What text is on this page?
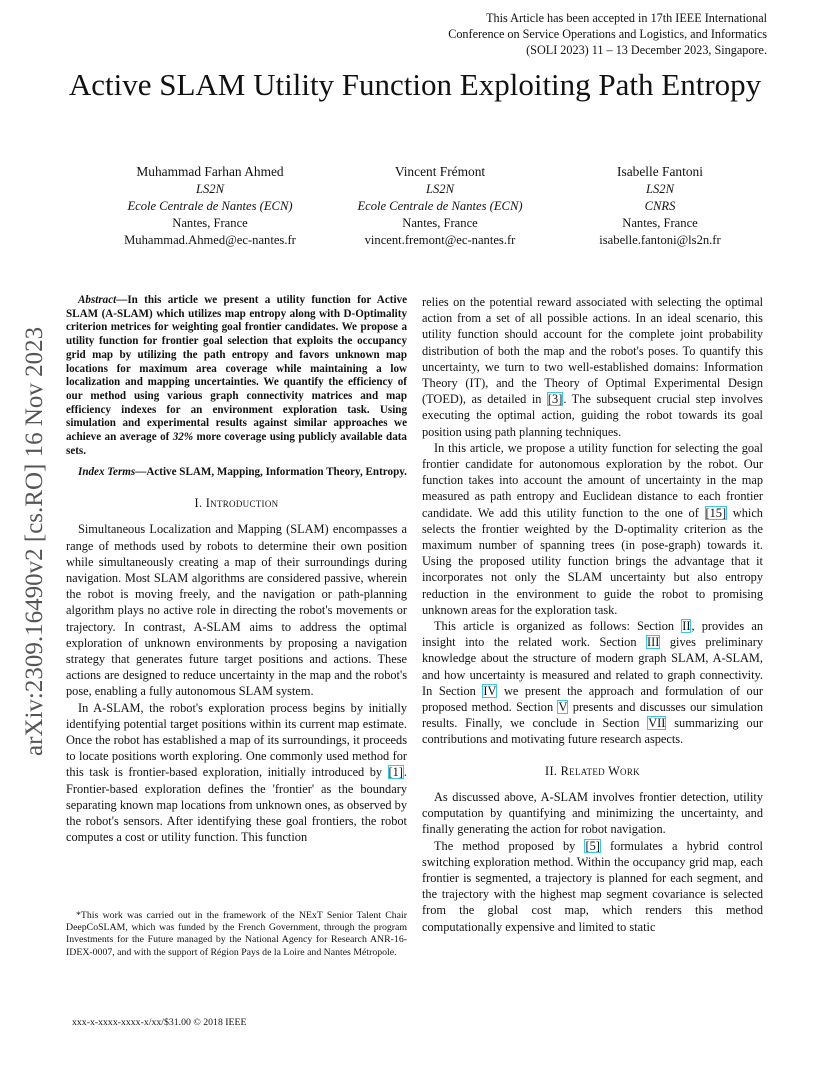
This Article has been accepted in 17th IEEE International
Conference on Service Operations and Logistics, and Informatics
(SOLI 2023) 11 – 13 December 2023, Singapore.
Active SLAM Utility Function Exploiting Path Entropy
Muhammad Farhan Ahmed
LS2N
Ecole Centrale de Nantes (ECN)
Nantes, France
Muhammad.Ahmed@ec-nantes.fr
Vincent Frémont
LS2N
Ecole Centrale de Nantes (ECN)
Nantes, France
vincent.fremont@ec-nantes.fr
Isabelle Fantoni
LS2N
CNRS
Nantes, France
isabelle.fantoni@ls2n.fr
arXiv:2309.16490v2 [cs.RO] 16 Nov 2023

Abstract—In this article we present a utility function for Active SLAM (A-SLAM) which utilizes map entropy along with D-Optimality criterion metrices for weighting goal frontier candidates. We propose a utility function for frontier goal selection that exploits the occupancy grid map by utilizing the path entropy and favors unknown map locations for maximum area coverage while maintaining a low localization and mapping uncertainties. We quantify the efficiency of our method using various graph connectivity matrices and map efficiency indexes for an environment exploration task. Using simulation and experimental results against similar approaches we achieve an average of 32% more coverage using publicly available data sets.

Index Terms—Active SLAM, Mapping, Information Theory, Entropy.

I. Introduction

Simultaneous Localization and Mapping (SLAM) encompasses a range of methods used by robots to determine their own position while simultaneously creating a map of their surroundings during navigation. Most SLAM algorithms are considered passive, wherein the robot is moving freely, and the navigation or path-planning algorithm plays no active role in directing the robot's movements or trajectory. In contrast, A-SLAM aims to address the optimal exploration of unknown environments by proposing a navigation strategy that generates future target positions and actions. These actions are designed to reduce uncertainty in the map and the robot's pose, enabling a fully autonomous SLAM system.

In A-SLAM, the robot's exploration process begins by initially identifying potential target positions within its current map estimate. Once the robot has established a map of its surroundings, it proceeds to locate positions worth exploring. One commonly used method for this task is frontier-based exploration, initially introduced by [1]. Frontier-based exploration defines the 'frontier' as the boundary separating known map locations from unknown ones, as observed by the robot's sensors. After identifying these goal frontiers, the robot computes a cost or utility function. This function

relies on the potential reward associated with selecting the optimal action from a set of all possible actions. In an ideal scenario, this utility function should account for the complete joint probability distribution of both the map and the robot's poses. To quantify this uncertainty, we turn to two well-established domains: Information Theory (IT), and the Theory of Optimal Experimental Design (TOED), as detailed in [3]. The subsequent crucial step involves executing the optimal action, guiding the robot towards its goal position using path planning techniques.

In this article, we propose a utility function for selecting the goal frontier candidate for autonomous exploration by the robot. Our function takes into account the amount of uncertainty in the map measured as path entropy and Euclidean distance to each frontier candidate. We add this utility function to the one of [15] which selects the frontier weighted by the D-optimality criterion as the maximum number of spanning trees (in pose-graph) towards it. Using the proposed utility function brings the advantage that it incorporates not only the SLAM uncertainty but also entropy reduction in the environment to guide the robot to promising unknown areas for the exploration task.

This article is organized as follows: Section II, provides an insight into the related work. Section III gives preliminary knowledge about the structure of modern graph SLAM, A-SLAM, and how uncertainty is measured and related to graph connectivity. In Section IV we present the approach and formulation of our proposed method. Section V presents and discusses our simulation results. Finally, we conclude in Section VII summarizing our contributions and motivating future research aspects.

II. Related Work

As discussed above, A-SLAM involves frontier detection, utility computation by quantifying and minimizing the uncertainty, and finally generating the action for robot navigation.

The method proposed by [5] formulates a hybrid control switching exploration method. Within the occupancy grid map, each frontier is segmented, a trajectory is planned for each segment, and the trajectory with the highest map segment covariance is selected from the global cost map, which renders this method computationally expensive and limited to static

*This work was carried out in the framework of the NExT Senior Talent Chair DeepCoSLAM, which was funded by the French Government, through the program Investments for the Future managed by the National Agency for Research ANR-16-IDEX-0007, and with the support of Région Pays de la Loire and Nantes Métropole.
xxx-x-xxxx-xxxx-x/xx/$31.00 © 2018 IEEE
